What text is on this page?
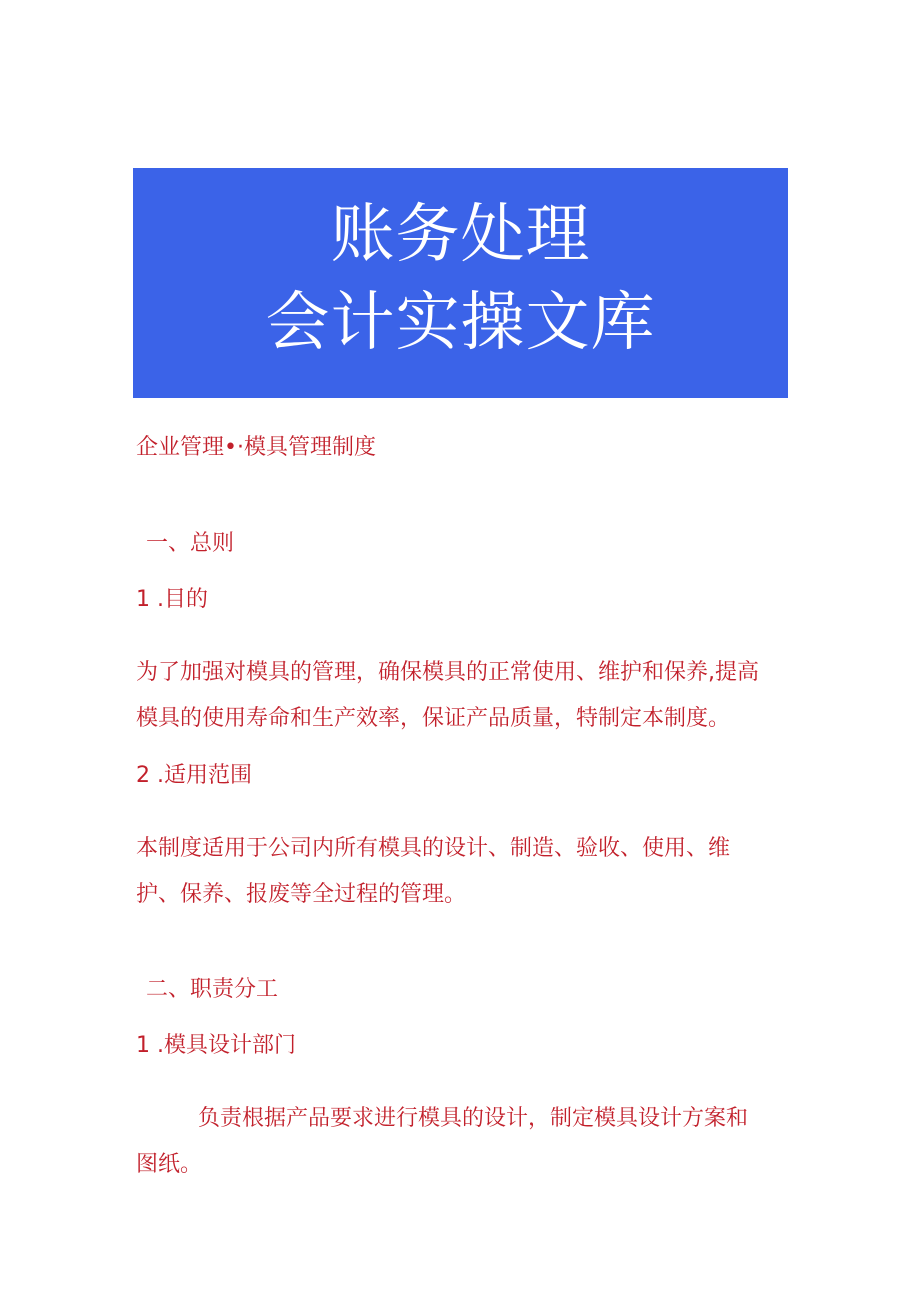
账务处理
会计实操文库
企业管理•·模具管理制度
一、总则
1 .目的
为了加强对模具的管理，确保模具的正常使用、维护和保养,提高
模具的使用寿命和生产效率，保证产品质量，特制定本制度。
2 .适用范围
本制度适用于公司内所有模具的设计、制造、验收、使用、维
护、保养、报废等全过程的管理。
二、职责分工
1 .模具设计部门
负责根据产品要求进行模具的设计，制定模具设计方案和
图纸。
